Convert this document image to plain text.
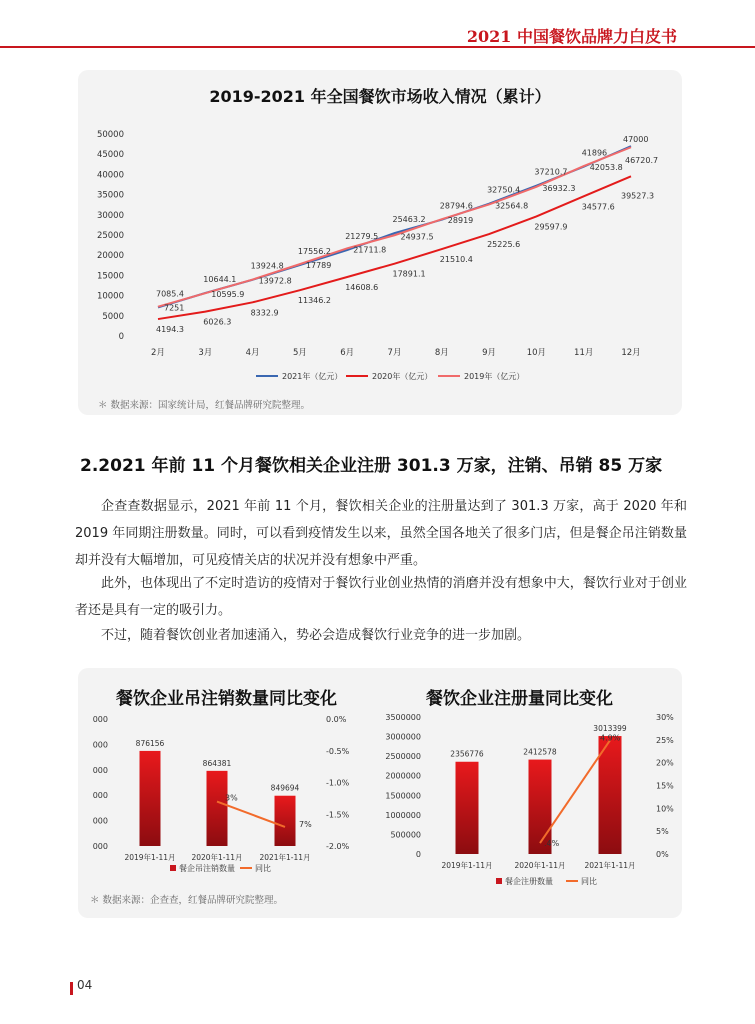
2021 中国餐饮品牌力白皮书
2019-2021 年全国餐饮市场收入情况（累计）
0
5000
10000
15000
20000
25000
30000
35000
40000
45000
50000
2月	3月	4月	5月	6月	7月	8月	9月	10月	11月	12月
7085.4
10644.1
13924.8
17556.2
21279.5
25463.2
28794.6
32750.4
37210.7
41896
47000
4194.3
6026.3
8332.9
11346.2
14608.6
17891.1
21510.4
25225.6
29597.9
34577.6
39527.3
7251
10595.9
13972.8
17789
21711.8
24937.5
28919
32564.8
36932.3
42053.8
46720.7
2021年（亿元）	2020年（亿元）	2019年（亿元）
＊ 数据来源：国家统计局，红餐品牌研究院整理。
2.2021 年前 11 个月餐饮相关企业注册 301.3 万家，注销、吊销 85 万家

企查查数据显示，2021 年前 11 个月，餐饮相关企业的注册量达到了 301.3 万家，高于 2020 年和 2019 年同期注册数量。同时，可以看到疫情发生以来，虽然全国各地关了很多门店，但是餐企吊注销数量却并没有大幅增加，可见疫情关店的状况并没有想象中严重。

此外，也体现出了不定时造访的疫情对于餐饮行业创业热情的消磨并没有想象中大，餐饮行业对于创业者还是具有一定的吸引力。

不过，随着餐饮创业者加速涌入，势必会造成餐饮行业竞争的进一步加剧。

餐饮企业吊注销数量同比变化	餐饮企业注册量同比变化
000
000
000
000
000
000	0.0%
-0.5%
-1.0%
-1.5%
-2.0%
876156
2019年1-11月
864381
2020年1-11月
849694
2021年1-11月
3%
7%
餐企吊注销数量	同比
0
500000
1000000
1500000
2000000
2500000
3000000
3500000
0%
5%
10%
15%
20%
25%
30%
2356776
2019年1-11月
2412578
2020年1-11月
3013399
2021年1-11月
.4%
4.9%
餐企注册数量	同比
＊ 数据来源：企查查，红餐品牌研究院整理。
04
